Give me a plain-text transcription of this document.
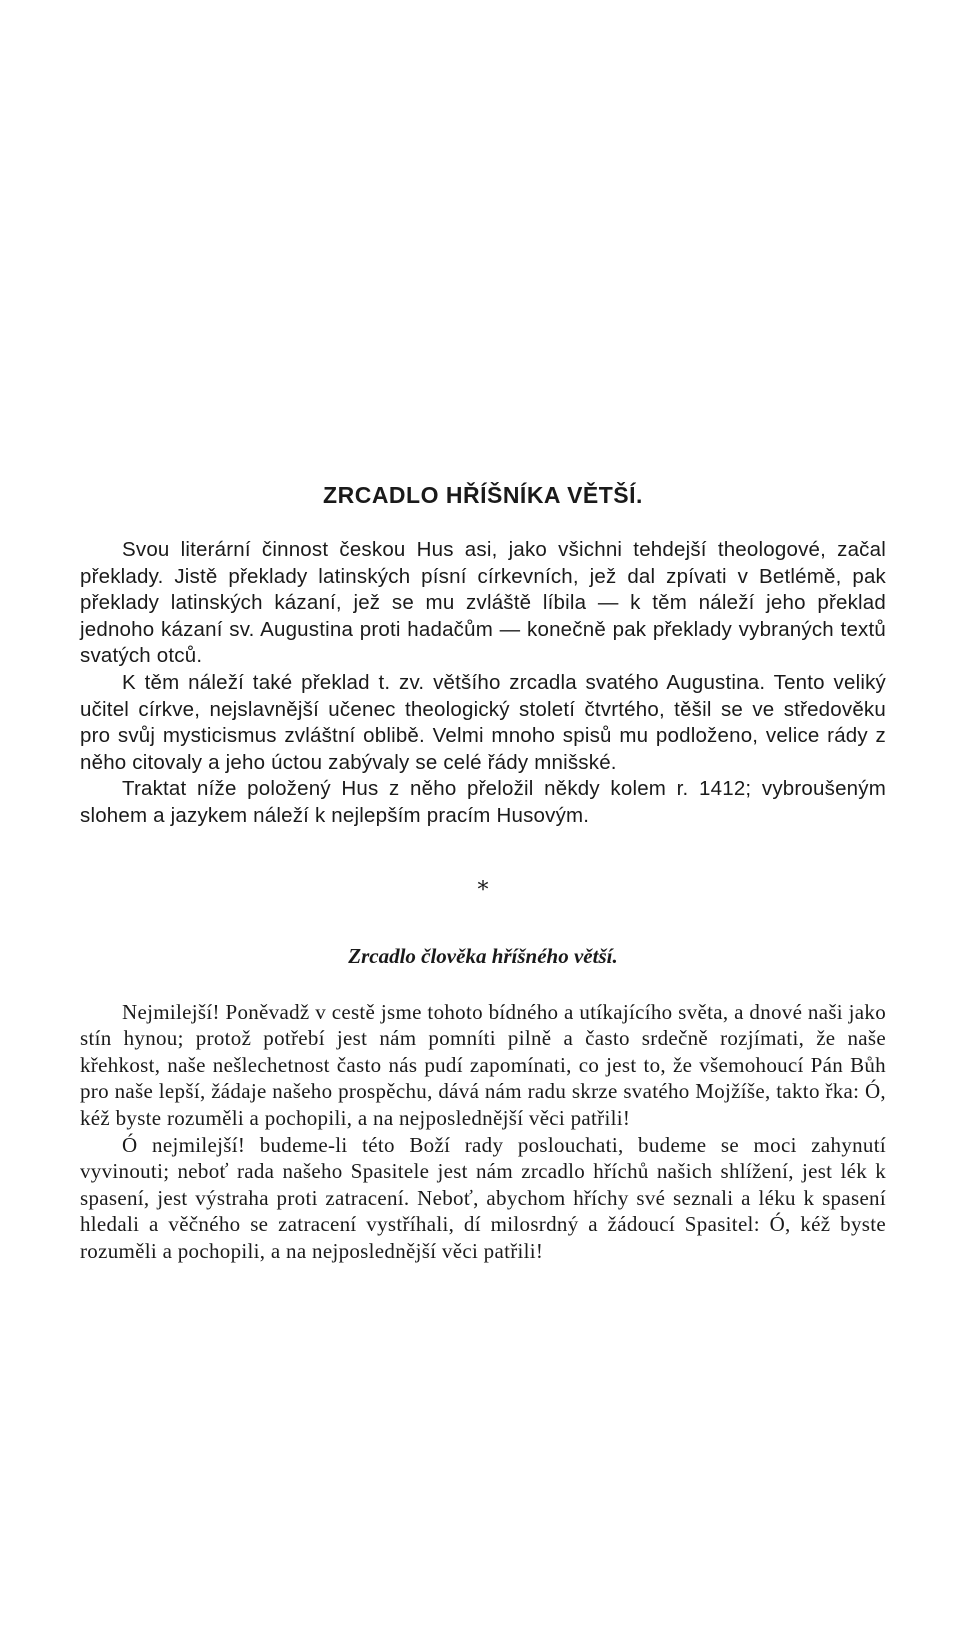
ZRCADLO HŘÍŠNÍKA VĚTŠÍ.

Svou literární činnost českou Hus asi, jako všichni tehdejší theologové, začal překlady. Jistě překlady latinských písní církevních, jež dal zpívati v Betlémě, pak překlady latinských kázaní, jež se mu zvláště líbila — k těm náleží jeho překlad jednoho kázaní sv. Augustina proti hadačům — konečně pak překlady vybraných textů svatých otců.

K těm náleží také překlad t. zv. většího zrcadla svatého Augustina. Tento veliký učitel církve, nejslavnější učenec theologický století čtvrtého, těšil se ve středověku pro svůj mysticismus zvláštní oblibě. Velmi mnoho spisů mu podloženo, velice rády z něho citovaly a jeho úctou zabývaly se celé řády mnišské.

Traktat níže položený Hus z něho přeložil někdy kolem r. 1412; vybroušeným slohem a jazykem náleží k nejlepším pracím Husovým.

*
Zrcadlo člověka hříšného větší.

Nejmilejší! Poněvadž v cestě jsme tohoto bídného a utíkajícího světa, a dnové naši jako stín hynou; protož potřebí jest nám pomníti pilně a často srdečně rozjímati, že naše křehkost, naše nešlechetnost často nás pudí zapomínati, co jest to, že všemohoucí Pán Bůh pro naše lepší, žádaje našeho prospěchu, dává nám radu skrze svatého Mojžíše, takto řka: Ó, kéž byste rozuměli a pochopili, a na nejposlednější věci patřili!

Ó nejmilejší! budeme-li této Boží rady poslouchati, budeme se moci zahynutí vyvinouti; neboť rada našeho Spasitele jest nám zrcadlo hříchů našich shlížení, jest lék k spasení, jest výstraha proti zatracení. Neboť, abychom hříchy své seznali a léku k spasení hledali a věčného se zatracení vystříhali, dí milosrdný a žádoucí Spasitel: Ó, kéž byste rozuměli a pochopili, a na nejposlednější věci patřili!
